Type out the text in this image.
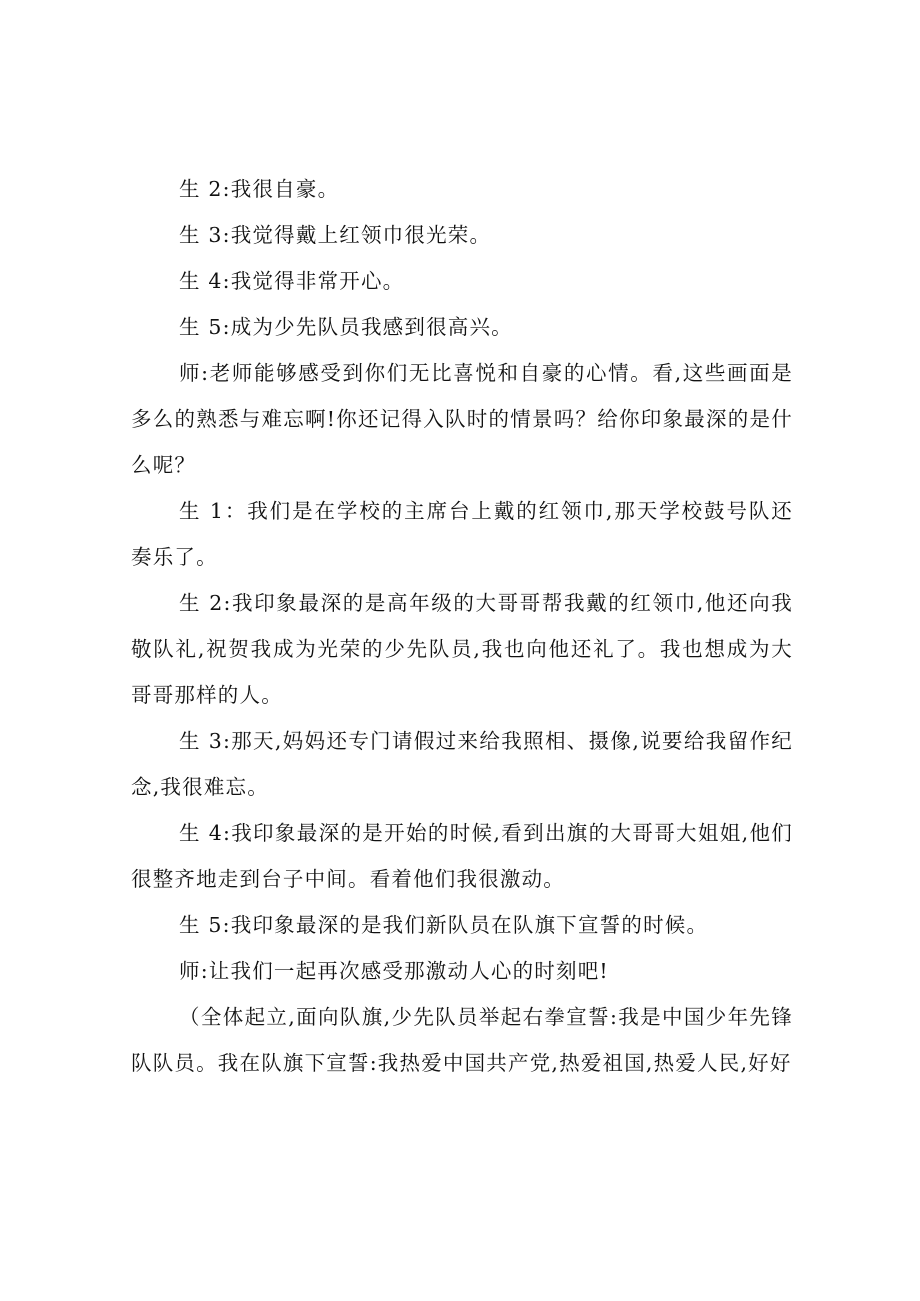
生 2:我很自豪。

生 3:我觉得戴上红领巾很光荣。

生 4:我觉得非常开心。

生 5:成为少先队员我感到很高兴。

师:老师能够感受到你们无比喜悦和自豪的心情。看,这些画面是多么的熟悉与难忘啊!你还记得入队时的情景吗？给你印象最深的是什么呢？

生 1：我们是在学校的主席台上戴的红领巾,那天学校鼓号队还奏乐了。

生 2:我印象最深的是高年级的大哥哥帮我戴的红领巾,他还向我敬队礼,祝贺我成为光荣的少先队员,我也向他还礼了。我也想成为大哥哥那样的人。

生 3:那天,妈妈还专门请假过来给我照相、摄像,说要给我留作纪念,我很难忘。

生 4:我印象最深的是开始的时候,看到出旗的大哥哥大姐姐,他们很整齐地走到台子中间。看着他们我很激动。

生 5:我印象最深的是我们新队员在队旗下宣誓的时候。

师:让我们一起再次感受那激动人心的时刻吧!

（全体起立,面向队旗,少先队员举起右拳宣誓:我是中国少年先锋队队员。我在队旗下宣誓:我热爱中国共产党,热爱祖国,热爱人民,好好
